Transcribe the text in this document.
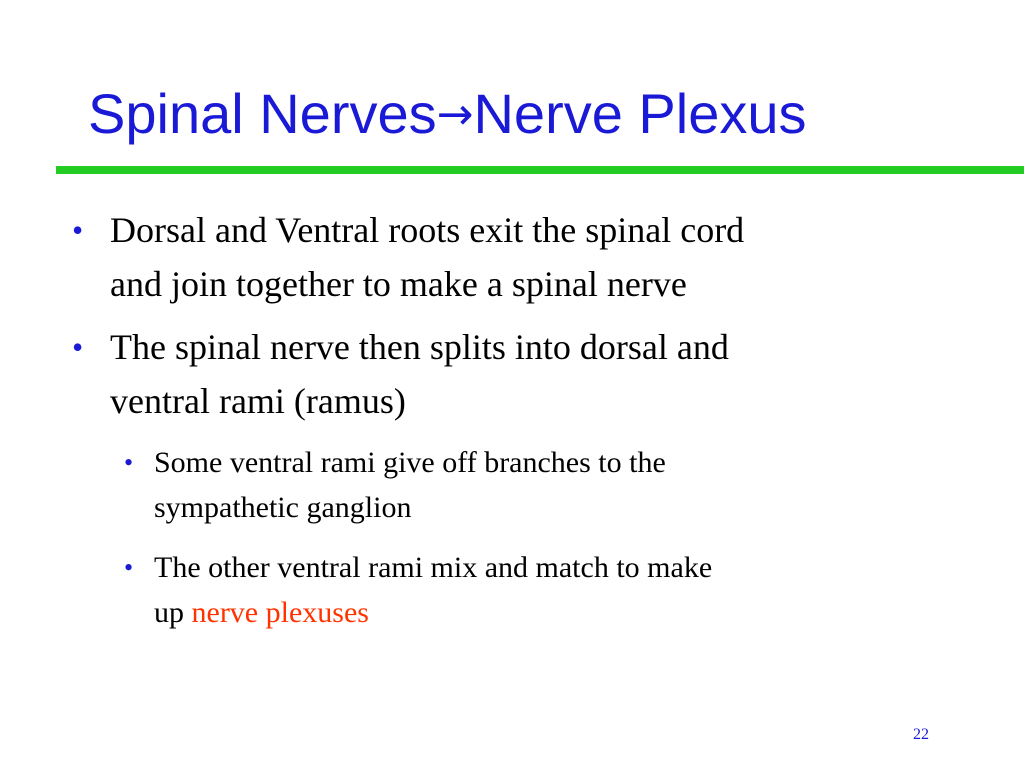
Spinal Nerves→Nerve Plexus
• Dorsal and Ventral roots exit the spinal cord
and join together to make a spinal nerve
• The spinal nerve then splits into dorsal and
ventral rami (ramus)
• Some ventral rami give off branches to the
sympathetic ganglion
• The other ventral rami mix and match to make
up nerve plexuses
22
